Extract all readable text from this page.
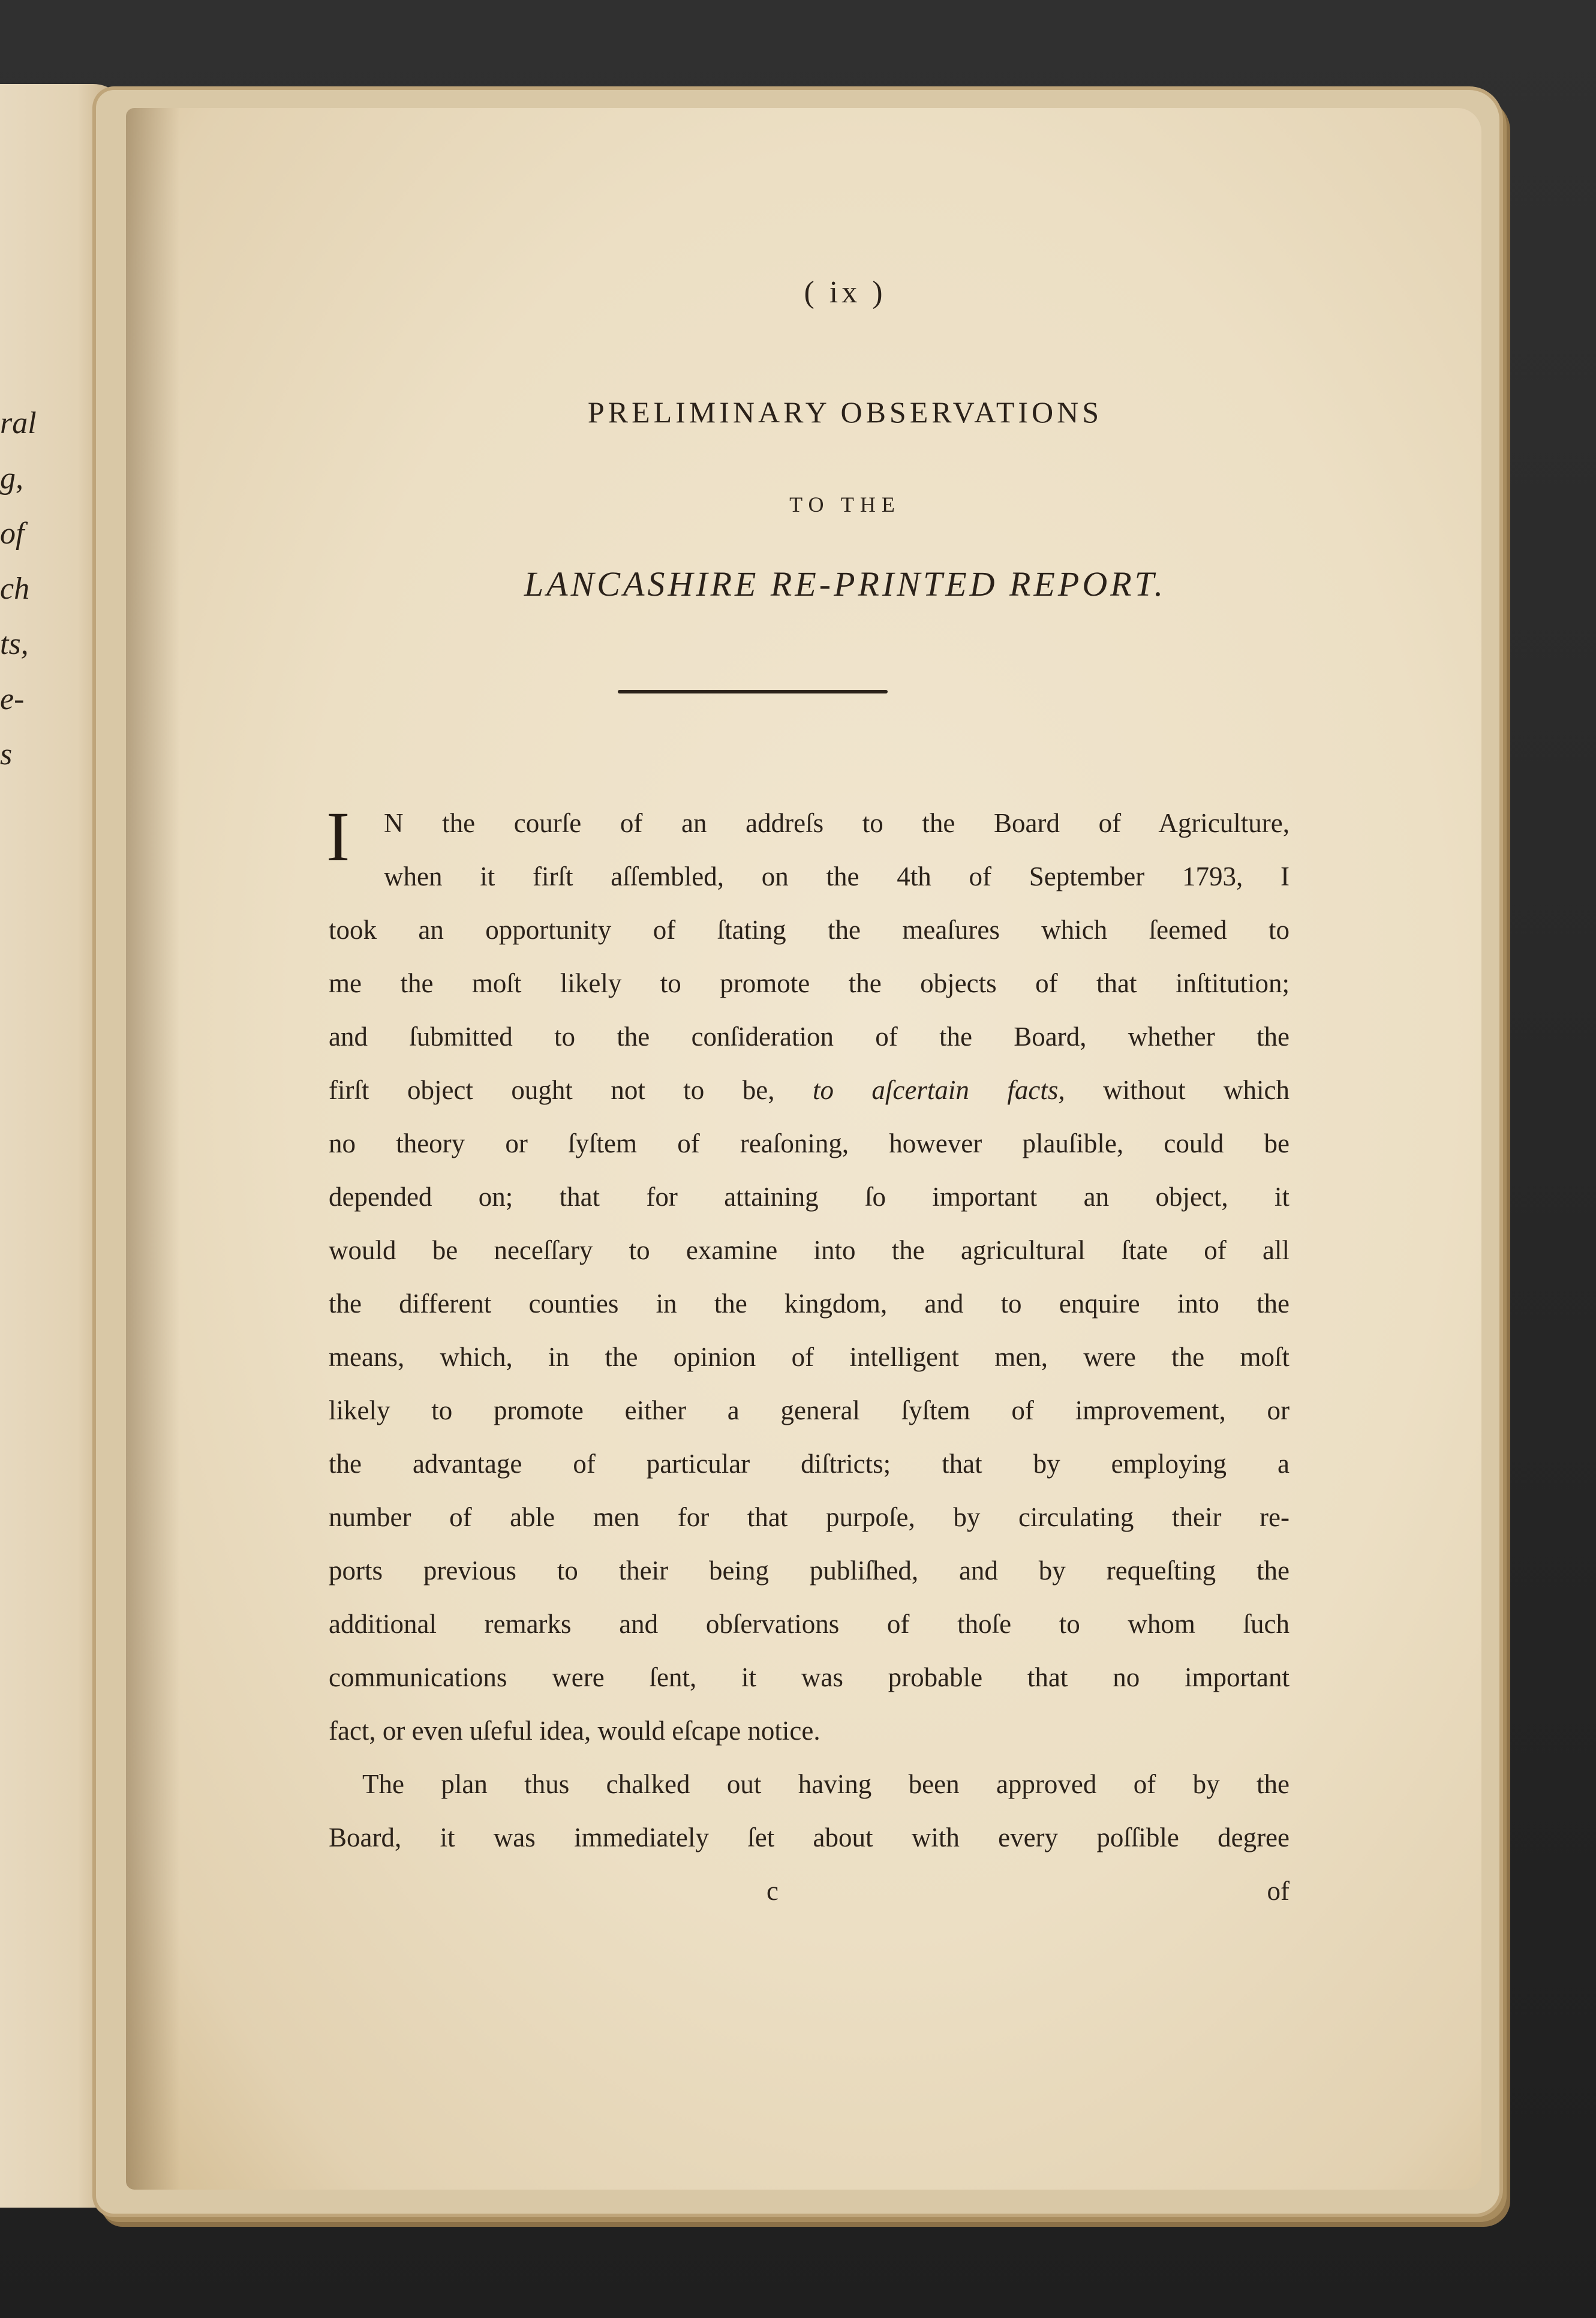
ral
g,
of
ch
ts,
e-
s
( ix )
PRELIMINARY OBSERVATIONS
TO THE
LANCASHIRE RE-PRINTED REPORT.
I	N the courſe of an addreſs to the Board of Agriculture,
when it firſt aſſembled, on the 4th of September 1793, I
took an opportunity of ſtating the meaſures which ſeemed to
me the moſt likely to promote the objects of that inſtitution;
and ſubmitted to the conſideration of the Board, whether the
firſt object ought not to be, to aſcertain facts, without which
no theory or ſyſtem of reaſoning, however plauſible, could be
depended on; that for attaining ſo important an object, it
would be neceſſary to examine into the agricultural ſtate of all
the different counties in the kingdom, and to enquire into the
means, which, in the opinion of intelligent men, were the moſt
likely to promote either a general ſyſtem of improvement, or
the advantage of particular diſtricts; that by employing a
number of able men for that purpoſe, by circulating their re-
ports previous to their being publiſhed, and by requeſting the
additional remarks and obſervations of thoſe to whom ſuch
communications were ſent, it was probable that no important
fact, or even uſeful idea, would eſcape notice.
The plan thus chalked out having been approved of by the
Board, it was immediately ſet about with every poſſible degree
c	of
